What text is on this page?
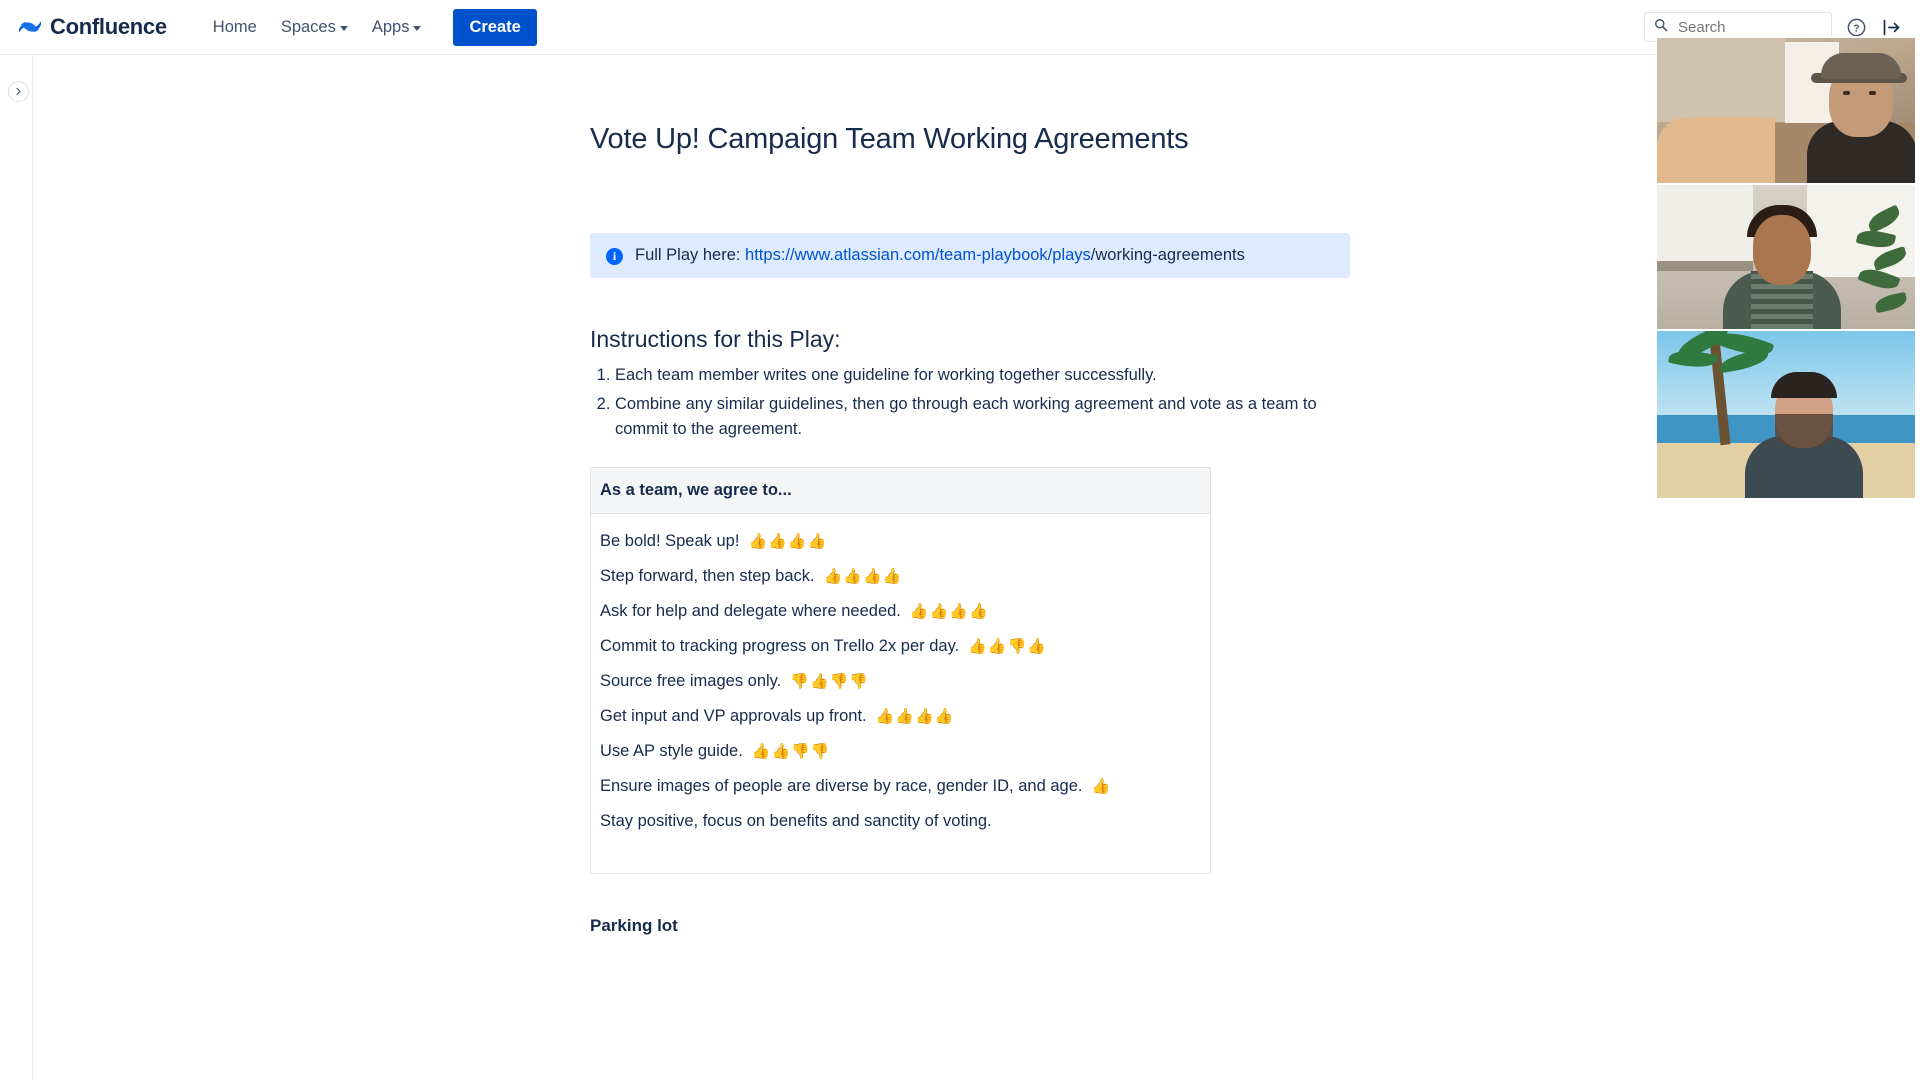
Confluence	Home Spaces Apps	Create
Search	?
Vote Up! Campaign Team Working Agreements
i	Full Play here: https://www.atlassian.com/team-playbook/plays/working-agreements
Instructions for this Play:
1. Each team member writes one guideline for working together successfully.
2. Combine any similar guidelines, then go through each working agreement and vote as a team to commit to the agreement.
As a team, we agree to...
Be bold! Speak up! 👍 👍 👍 👍
Step forward, then step back. 👍 👍 👍 👍
Ask for help and delegate where needed. 👍 👍 👍 👍
Commit to tracking progress on Trello 2x per day. 👍 👍 👎 👍
Source free images only. 👎 👍 👎 👎
Get input and VP approvals up front. 👍 👍 👍 👍
Use AP style guide. 👍 👍 👎 👎
Ensure images of people are diverse by race, gender ID, and age. 👍
Stay positive, focus on benefits and sanctity of voting.
Parking lot
